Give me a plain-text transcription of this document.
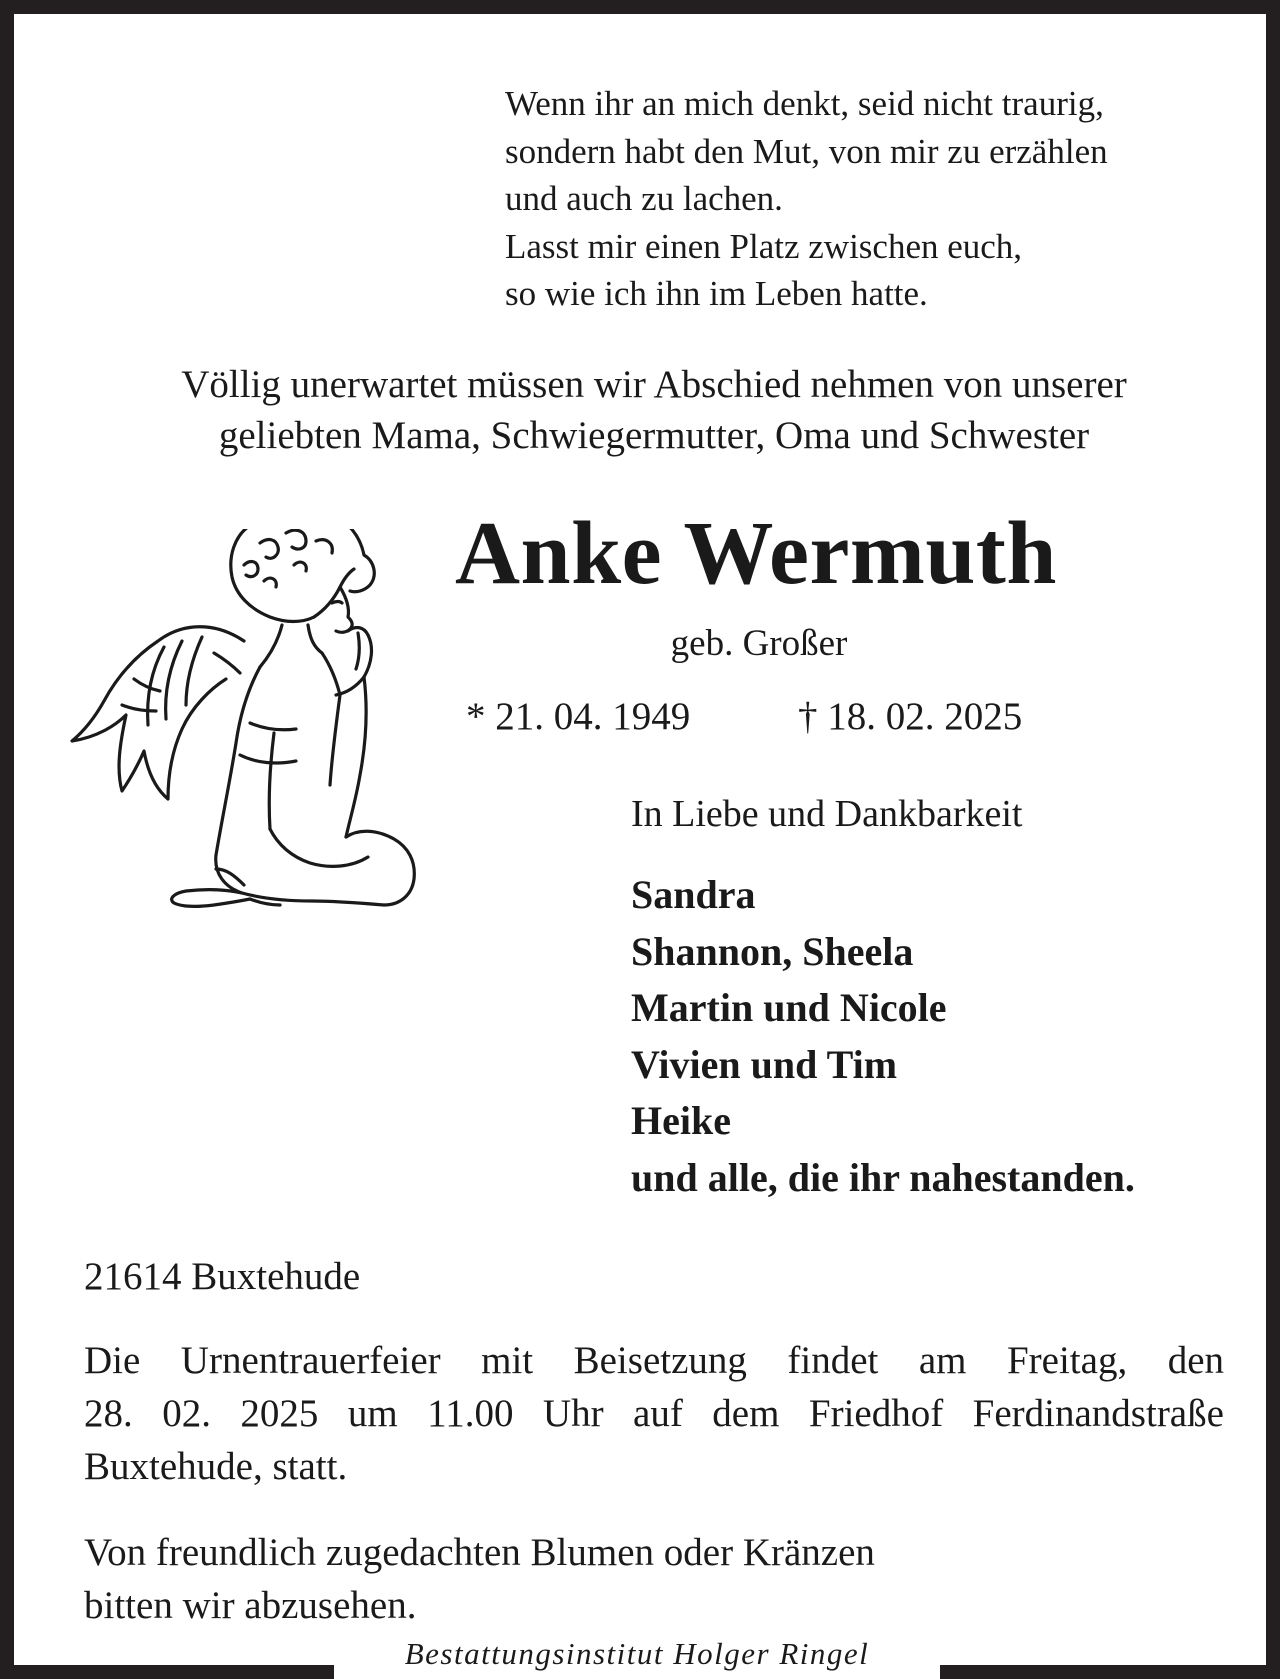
Wenn ihr an mich denkt, seid nicht traurig,
sondern habt den Mut, von mir zu erzählen
und auch zu lachen.
Lasst mir einen Platz zwischen euch,
so wie ich ihn im Leben hatte.
Völlig unerwartet müssen wir Abschied nehmen von unserer
geliebten Mama, Schwiegermutter, Oma und Schwester
Anke Wermuth
geb. Großer
* 21. 04. 1949	† 18. 02. 2025
In Liebe und Dankbarkeit
Sandra
Shannon, Sheela
Martin und Nicole
Vivien und Tim
Heike
und alle, die ihr nahestanden.
21614 Buxtehude
Die Urnentrauerfeier mit Beisetzung findet am Freitag, den
28. 02. 2025 um 11.00 Uhr auf dem Friedhof Ferdinandstraße
Buxtehude, statt.
Von freundlich zugedachten Blumen oder Kränzen
bitten wir abzusehen.
Bestattungsinstitut Holger Ringel
